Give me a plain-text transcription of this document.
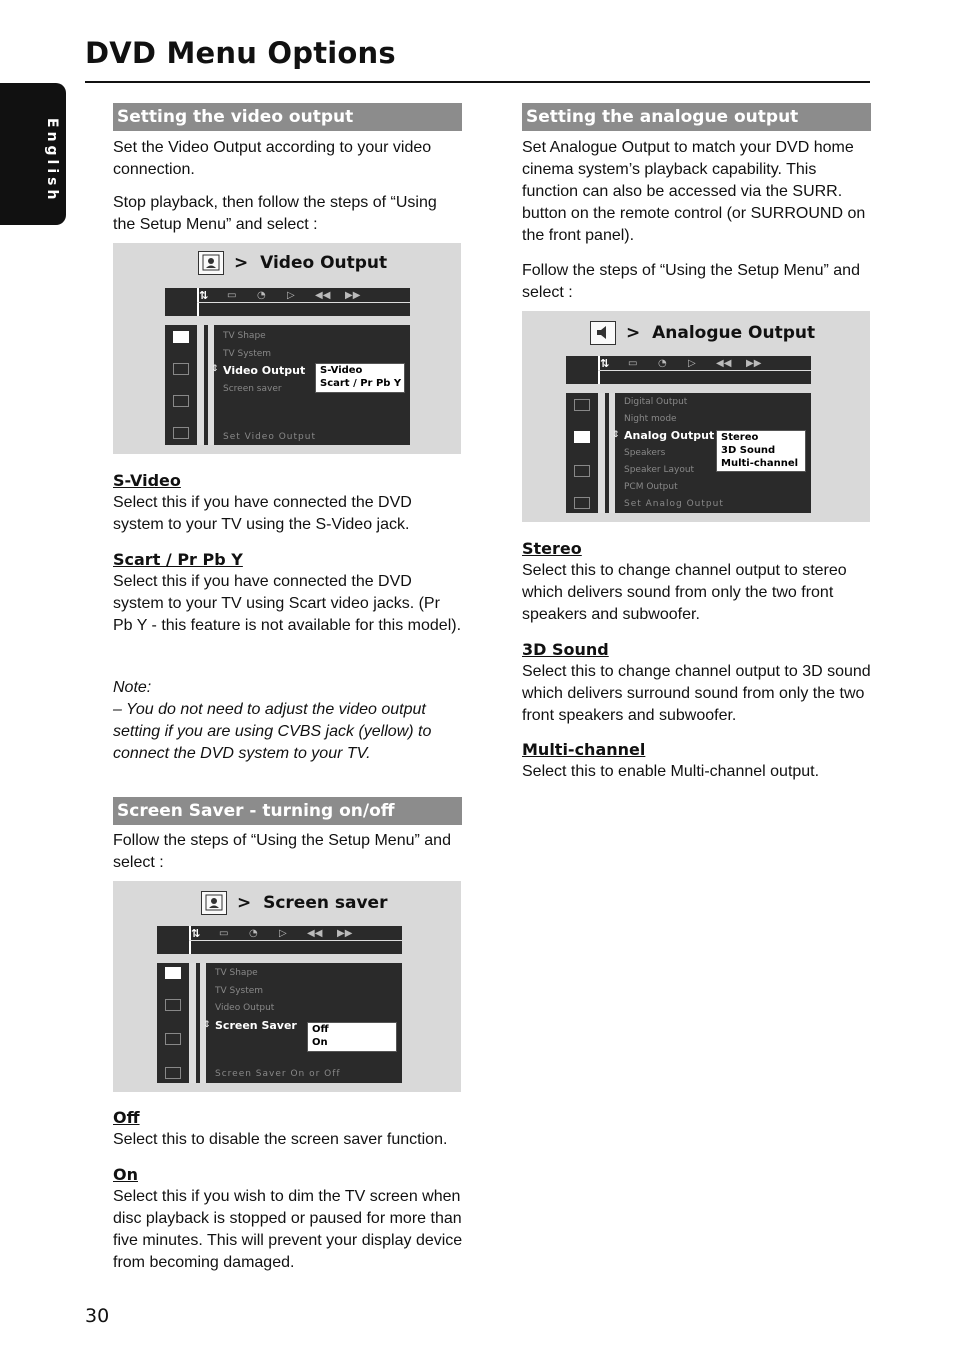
DVD Menu Options
English
Setting the video output
Set the Video Output according to your video connection.
Stop playback, then follow the steps of “Using the Setup Menu” and select :
>  Video Output
⇅ ▭ ◔ ▷ ◀◀ ▶▶
TV Shape
TV System
⇕ Video Output
Screen saver
Set Video Output
S-Video
Scart / Pr Pb Y
S-Video
Select this if you have connected the DVD system to your TV using the S-Video jack.
Scart / Pr Pb Y
Select this if you have connected the DVD system to your TV using Scart video jacks. (Pr Pb Y - this feature is not available for this model).
Note:
– You do not need to adjust the video output setting if you are using CVBS jack (yellow) to connect the DVD system to your TV.
Screen Saver - turning on/off
Follow the steps of “Using the Setup Menu” and select :
>  Screen saver
⇅ ▭ ◔ ▷ ◀◀ ▶▶
TV Shape
TV System
Video Output
⇕ Screen Saver
Screen Saver On or Off
Off
On
Off
Select this to disable the screen saver function.
On
Select this if you wish to dim the TV screen when disc playback is stopped or paused for more than five minutes. This will prevent your display device from becoming damaged.
Setting the analogue output
Set Analogue Output to match your DVD home cinema system’s playback capability. This function can also be accessed via the SURR. button on the remote control (or SURROUND on the front panel).
Follow the steps of “Using the Setup Menu” and select :
>  Analogue Output
⇅ ▭ ◔ ▷ ◀◀ ▶▶
Digital Output
Night mode
⇕ Analog Output
Speakers
Speaker Layout
PCM Output
Set Analog Output
Stereo
3D Sound
Multi-channel
Stereo
Select this to change channel output to stereo which delivers sound from only the two front speakers and subwoofer.
3D Sound
Select this to change channel output to 3D sound which delivers surround sound from only the two front speakers and subwoofer.
Multi-channel
Select this to enable Multi-channel output.
30
